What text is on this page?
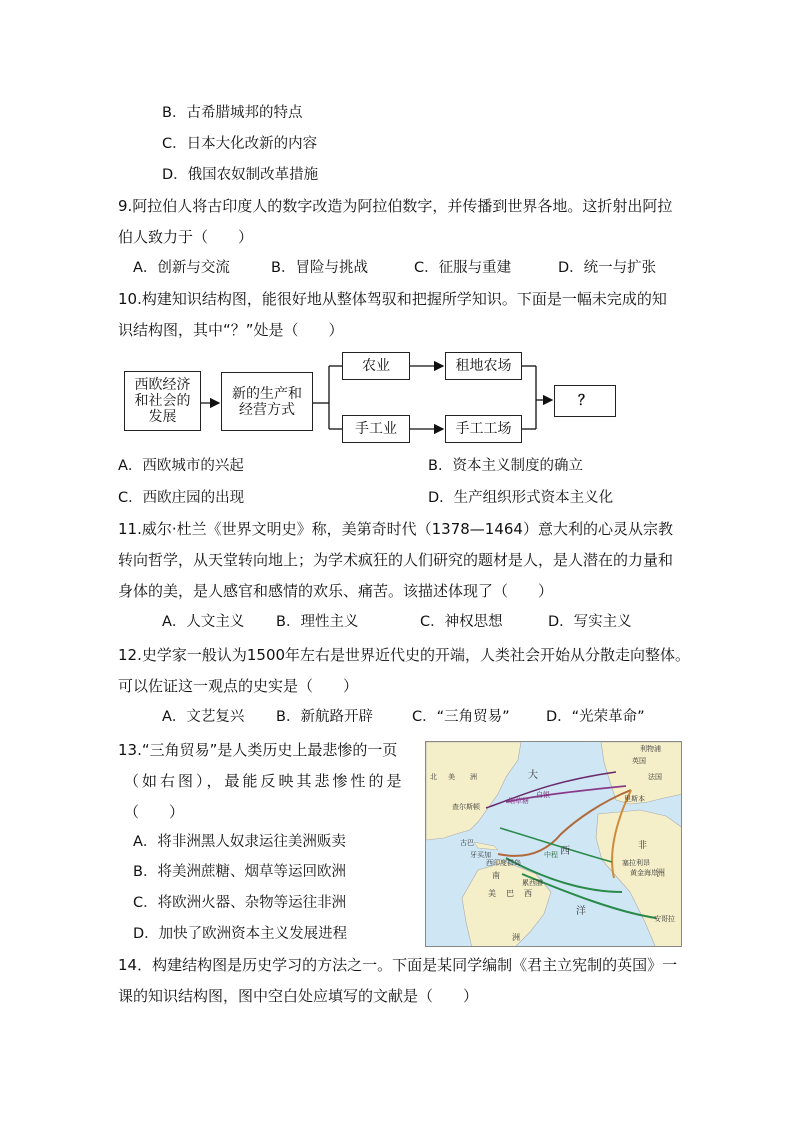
B．古希腊城邦的特点
C．日本大化改新的内容
D．俄国农奴制改革措施
9.阿拉伯人将古印度人的数字改造为阿拉伯数字，并传播到世界各地。这折射出阿拉
伯人致力于（　　）
A．创新与交流	B．冒险与挑战	C．征服与重建	D．统一与扩张
10.构建知识结构图，能很好地从整体驾驭和把握所学知识。下面是一幅未完成的知
识结构图，其中“？”处是（　　）
西欧经济和社会的发展
新的生产和经营方式
农业
手工业
租地农场
手工工场
？
A．西欧城市的兴起	B．资本主义制度的确立
C．西欧庄园的出现	D．生产组织形式资本主义化
11.威尔·杜兰《世界文明史》称，美第奇时代（1378—1464）意大利的心灵从宗教
转向哲学，从天堂转向地上；为学术疯狂的人们研究的题材是人，是人潜在的力量和
身体的美，是人感官和感情的欢乐、痛苦。该描述体现了（　　）
A．人文主义 B．理性主义	C．神权思想	D．写实主义
12.史学家一般认为1500年左右是世界近代史的开端，人类社会开始从分散走向整体。
可以佐证这一观点的史实是（　　）
A．文艺复兴 B．新航路开辟	C．“三角贸易”	D．“光荣革命”
13.“三角贸易”是人类历史上最悲惨的一页
（如右图），最能反映其悲惨性的是
（　　）
A．将非洲黑人奴隶运往美洲贩卖
B．将美洲蔗糖、烟草等运回欧洲
C．将欧洲火器、杂物等运往非洲
D．加快了欧洲资本主义发展进程
北 美 洲	大
西
洋
非
洲
南
美 巴 西
洲
查尔斯顿
古巴
牙买加
西印度群岛
累西腓
利物浦
英国
法国
里斯本
塞拉利昂
黄金海岸
安哥拉
白银
中程
烟草糖
14．构建结构图是历史学习的方法之一。下面是某同学编制《君主立宪制的英国》一
课的知识结构图，图中空白处应填写的文献是（　　）
